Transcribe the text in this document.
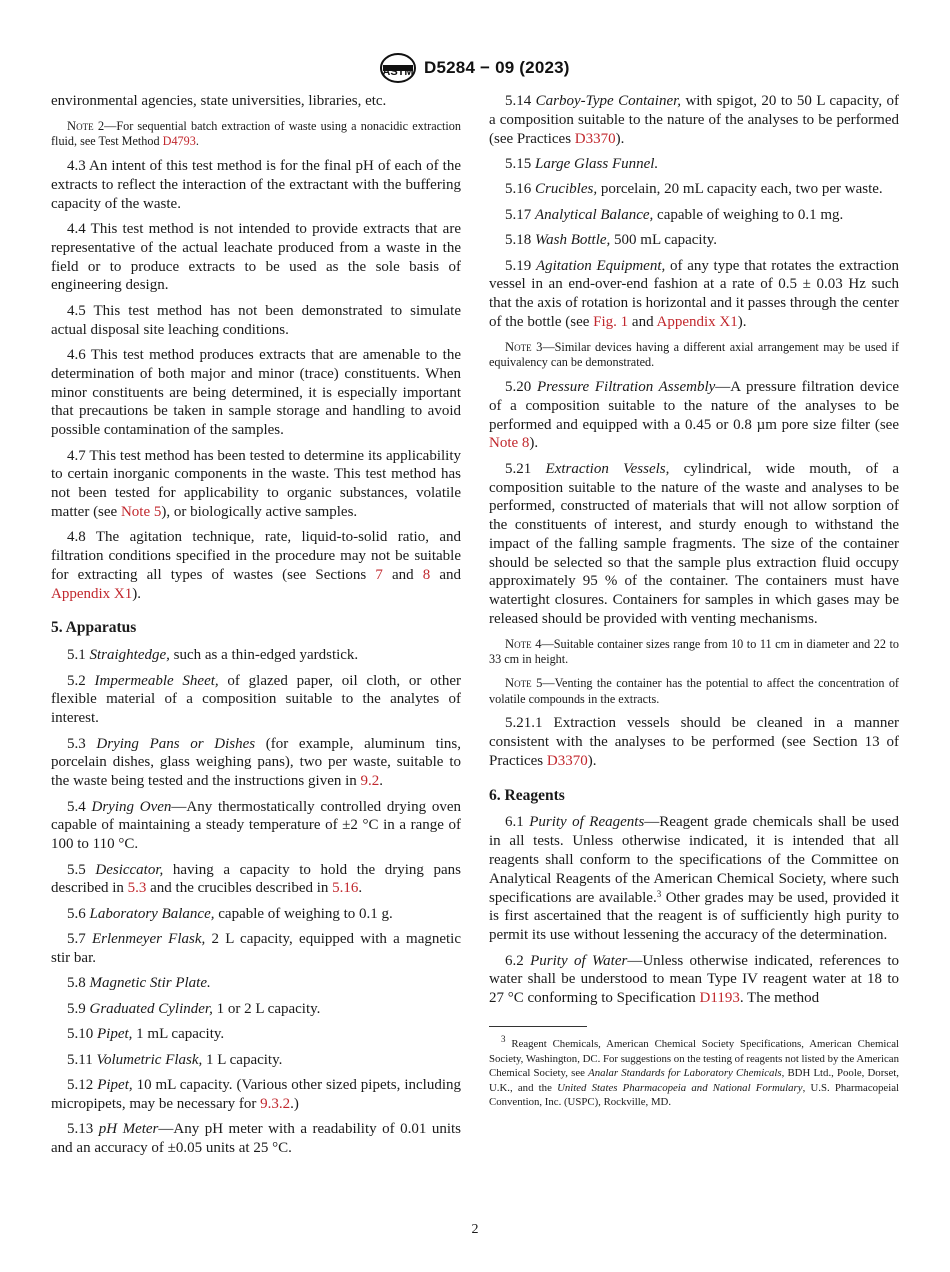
ASTM D5284 − 09 (2023)

environmental agencies, state universities, libraries, etc.

Note 2—For sequential batch extraction of waste using a nonacidic extraction fluid, see Test Method D4793.

4.3 An intent of this test method is for the final pH of each of the extracts to reflect the interaction of the extractant with the buffering capacity of the waste.

4.4 This test method is not intended to provide extracts that are representative of the actual leachate produced from a waste in the field or to produce extracts to be used as the sole basis of engineering design.

4.5 This test method has not been demonstrated to simulate actual disposal site leaching conditions.

4.6 This test method produces extracts that are amenable to the determination of both major and minor (trace) constituents. When minor constituents are being determined, it is especially important that precautions be taken in sample storage and handling to avoid possible contamination of the samples.

4.7 This test method has been tested to determine its applicability to certain inorganic components in the waste. This test method has not been tested for applicability to organic substances, volatile matter (see Note 5), or biologically active samples.

4.8 The agitation technique, rate, liquid-to-solid ratio, and filtration conditions specified in the procedure may not be suitable for extracting all types of wastes (see Sections 7 and 8 and Appendix X1).

5. Apparatus

5.1 Straightedge, such as a thin-edged yardstick.

5.2 Impermeable Sheet, of glazed paper, oil cloth, or other flexible material of a composition suitable to the analytes of interest.

5.3 Drying Pans or Dishes (for example, aluminum tins, porcelain dishes, glass weighing pans), two per waste, suitable to the waste being tested and the instructions given in 9.2.

5.4 Drying Oven—Any thermostatically controlled drying oven capable of maintaining a steady temperature of ±2 °C in a range of 100 to 110 °C.

5.5 Desiccator, having a capacity to hold the drying pans described in 5.3 and the crucibles described in 5.16.

5.6 Laboratory Balance, capable of weighing to 0.1 g.

5.7 Erlenmeyer Flask, 2 L capacity, equipped with a magnetic stir bar.

5.8 Magnetic Stir Plate.

5.9 Graduated Cylinder, 1 or 2 L capacity.

5.10 Pipet, 1 mL capacity.

5.11 Volumetric Flask, 1 L capacity.

5.12 Pipet, 10 mL capacity. (Various other sized pipets, including micropipets, may be necessary for 9.3.2.)

5.13 pH Meter—Any pH meter with a readability of 0.01 units and an accuracy of ±0.05 units at 25 °C.

5.14 Carboy-Type Container, with spigot, 20 to 50 L capacity, of a composition suitable to the nature of the analyses to be performed (see Practices D3370).

5.15 Large Glass Funnel.

5.16 Crucibles, porcelain, 20 mL capacity each, two per waste.

5.17 Analytical Balance, capable of weighing to 0.1 mg.

5.18 Wash Bottle, 500 mL capacity.

5.19 Agitation Equipment, of any type that rotates the extraction vessel in an end-over-end fashion at a rate of 0.5 ± 0.03 Hz such that the axis of rotation is horizontal and it passes through the center of the bottle (see Fig. 1 and Appendix X1).

Note 3—Similar devices having a different axial arrangement may be used if equivalency can be demonstrated.

5.20 Pressure Filtration Assembly—A pressure filtration device of a composition suitable to the nature of the analyses to be performed and equipped with a 0.45 or 0.8 µm pore size filter (see Note 8).

5.21 Extraction Vessels, cylindrical, wide mouth, of a composition suitable to the nature of the waste and analyses to be performed, constructed of materials that will not allow sorption of the constituents of interest, and sturdy enough to withstand the impact of the falling sample fragments. The size of the container should be selected so that the sample plus extraction fluid occupy approximately 95 % of the container. The containers must have watertight closures. Containers for samples in which gases may be released should be provided with venting mechanisms.

Note 4—Suitable container sizes range from 10 to 11 cm in diameter and 22 to 33 cm in height.

Note 5—Venting the container has the potential to affect the concentration of volatile compounds in the extracts.

5.21.1 Extraction vessels should be cleaned in a manner consistent with the analyses to be performed (see Section 13 of Practices D3370).

6. Reagents

6.1 Purity of Reagents—Reagent grade chemicals shall be used in all tests. Unless otherwise indicated, it is intended that all reagents shall conform to the specifications of the Committee on Analytical Reagents of the American Chemical Society, where such specifications are available.$^3$ Other grades may be used, provided it is first ascertained that the reagent is of sufficiently high purity to permit its use without lessening the accuracy of the determination.

6.2 Purity of Water—Unless otherwise indicated, references to water shall be understood to mean Type IV reagent water at 18 to 27 °C conforming to Specification D1193. The method

$^3$ Reagent Chemicals, American Chemical Society Specifications, American Chemical Society, Washington, DC. For suggestions on the testing of reagents not listed by the American Chemical Society, see Analar Standards for Laboratory Chemicals, BDH Ltd., Poole, Dorset, U.K., and the United States Pharmacopeia and National Formulary, U.S. Pharmacopeial Convention, Inc. (USPC), Rockville, MD.

2
